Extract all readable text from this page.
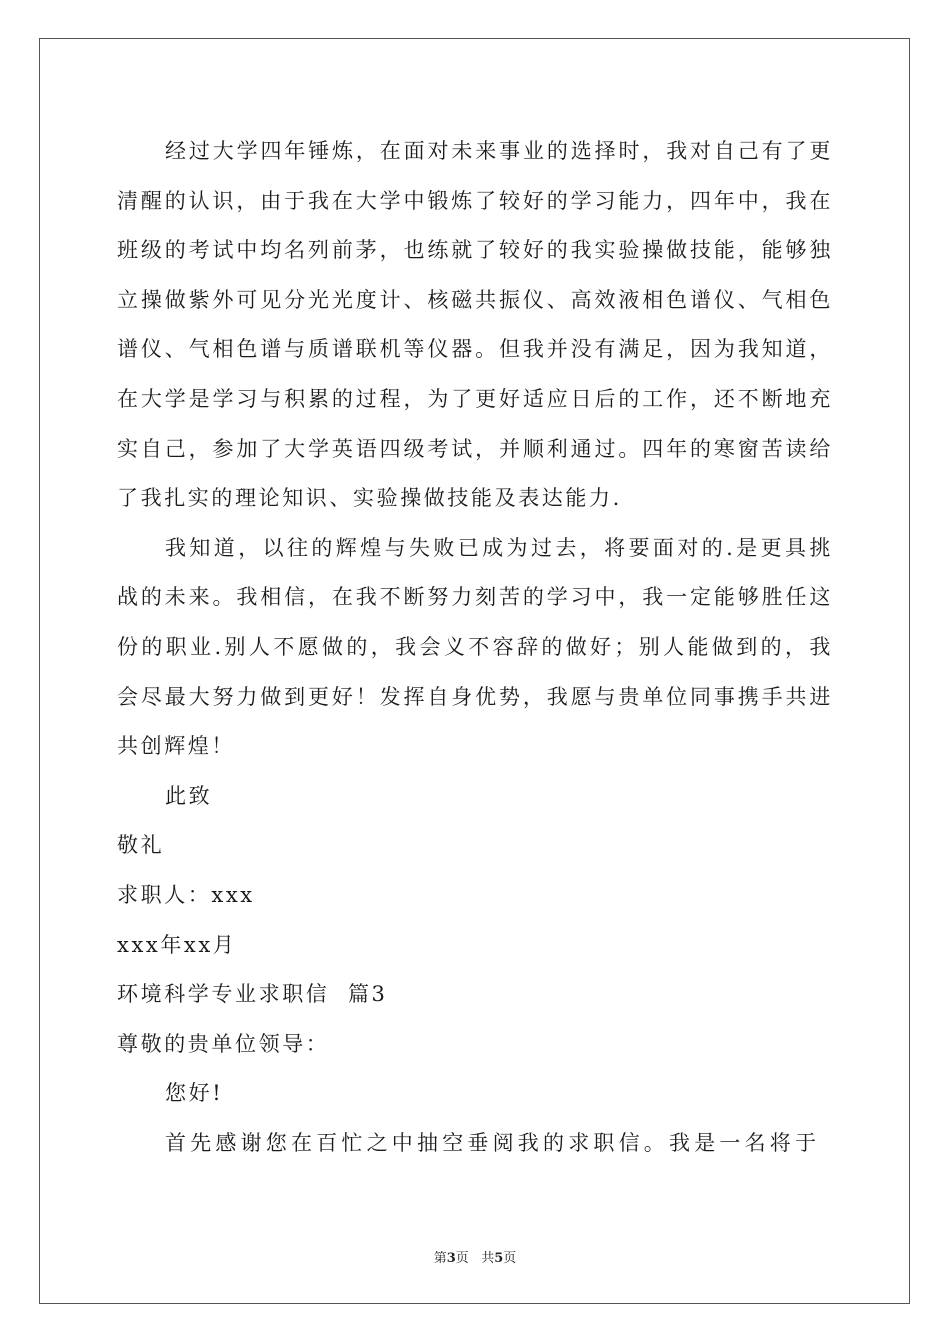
经过大学四年锤炼，在面对未来事业的选择时，我对自己有了更清醒的认识，由于我在大学中锻炼了较好的学习能力，四年中，我在班级的考试中均名列前茅，也练就了较好的我实验操做技能，能够独立操做紫外可见分光光度计、核磁共振仪、高效液相色谱仪、气相色谱仪、气相色谱与质谱联机等仪器。但我并没有满足，因为我知道，在大学是学习与积累的过程，为了更好适应日后的工作，还不断地充实自己，参加了大学英语四级考试，并顺利通过。四年的寒窗苦读给了我扎实的理论知识、实验操做技能及表达能力.

我知道，以往的辉煌与失败已成为过去，将要面对的.是更具挑战的未来。我相信，在我不断努力刻苦的学习中，我一定能够胜任这份的职业.别人不愿做的，我会义不容辞的做好；别人能做到的，我会尽最大努力做到更好！发挥自身优势，我愿与贵单位同事携手共进共创辉煌！

此致

敬礼

求职人：xxx

xxx年xx月

环境科学专业求职信  篇3

尊敬的贵单位领导：

您好!

首先感谢您在百忙之中抽空垂阅我的求职信。我是一名将于

第3页   共5页
